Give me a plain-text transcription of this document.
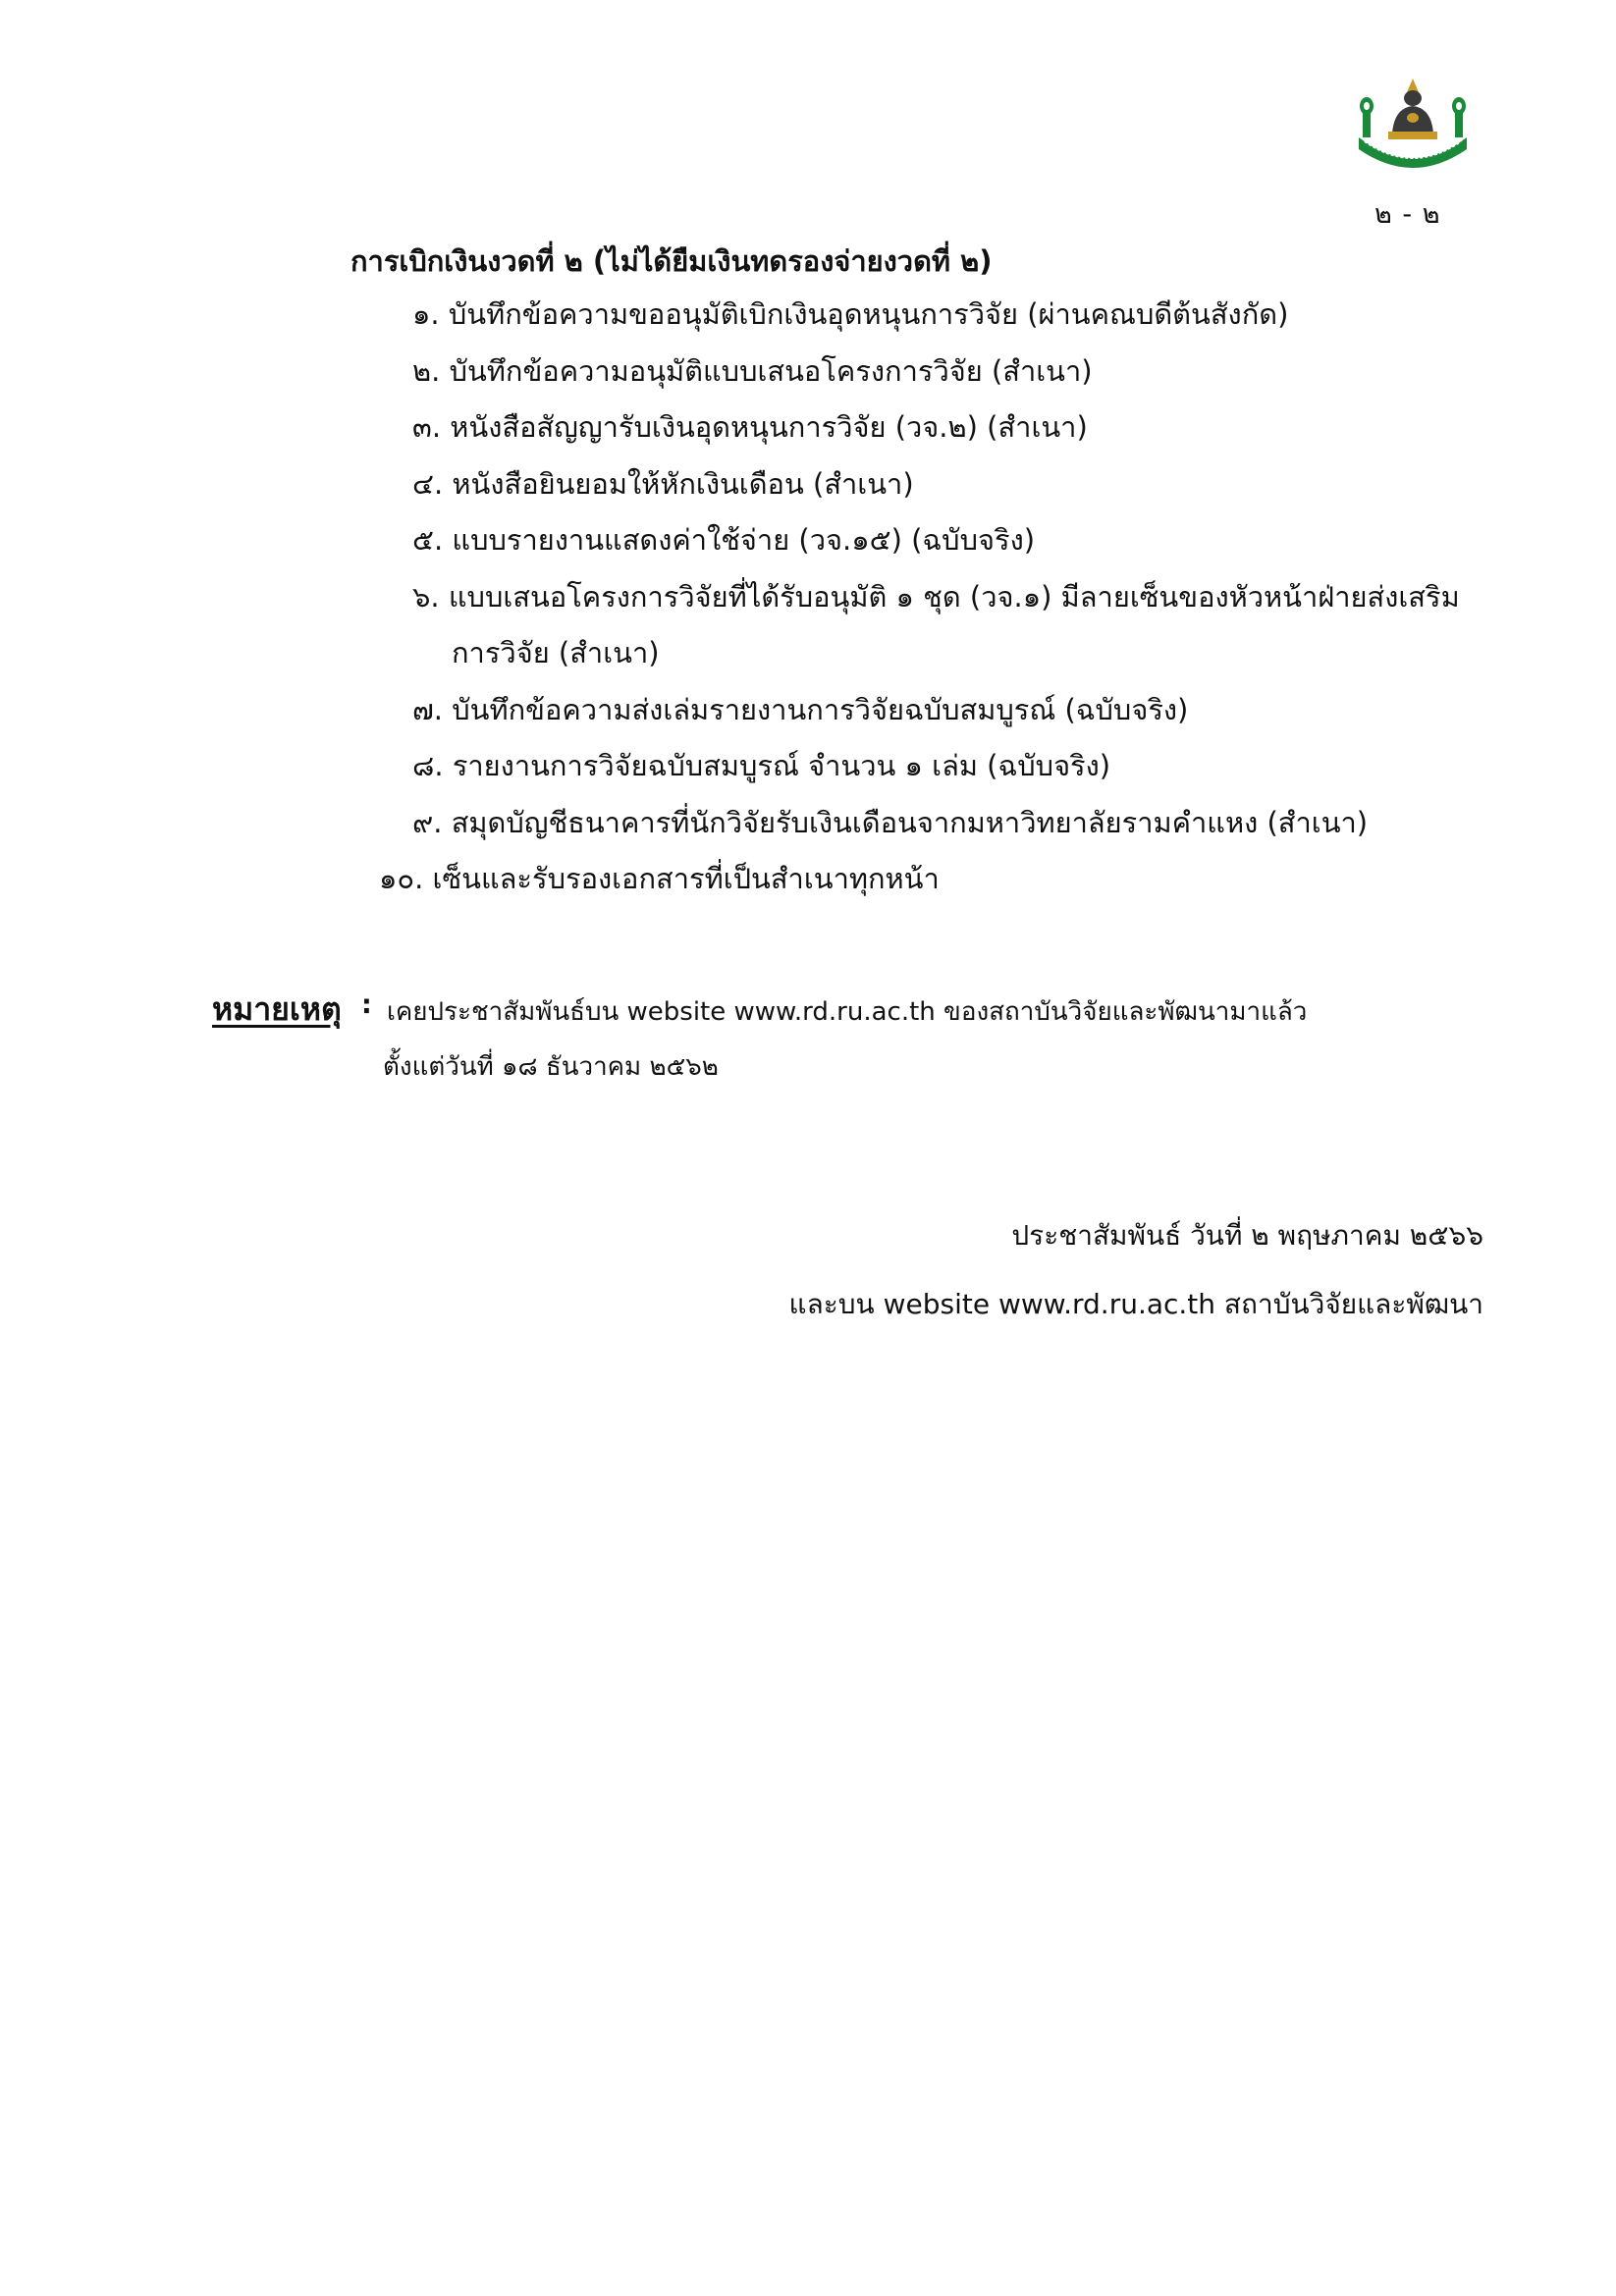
๒ - ๒
การเบิกเงินงวดที่ ๒ (ไม่ได้ยืมเงินทดรองจ่ายงวดที่ ๒)
๑. บันทึกข้อความขออนุมัติเบิกเงินอุดหนุนการวิจัย (ผ่านคณบดีต้นสังกัด)
๒. บันทึกข้อความอนุมัติแบบเสนอโครงการวิจัย (สำเนา)
๓. หนังสือสัญญารับเงินอุดหนุนการวิจัย (วจ.๒) (สำเนา)
๔. หนังสือยินยอมให้หักเงินเดือน (สำเนา)
๕. แบบรายงานแสดงค่าใช้จ่าย (วจ.๑๕) (ฉบับจริง)
๖. แบบเสนอโครงการวิจัยที่ได้รับอนุมัติ ๑ ชุด (วจ.๑) มีลายเซ็นของหัวหน้าฝ่ายส่งเสริม
การวิจัย (สำเนา)
๗. บันทึกข้อความส่งเล่มรายงานการวิจัยฉบับสมบูรณ์ (ฉบับจริง)
๘. รายงานการวิจัยฉบับสมบูรณ์ จำนวน ๑ เล่ม (ฉบับจริง)
๙. สมุดบัญชีธนาคารที่นักวิจัยรับเงินเดือนจากมหาวิทยาลัยรามคำแหง (สำเนา)
๑๐. เซ็นและรับรองเอกสารที่เป็นสำเนาทุกหน้า
หมายเหตุ : เคยประชาสัมพันธ์บน website www.rd.ru.ac.th ของสถาบันวิจัยและพัฒนามาแล้ว
ตั้งแต่วันที่ ๑๘ ธันวาคม ๒๕๖๒
ประชาสัมพันธ์ วันที่ ๒ พฤษภาคม ๒๕๖๖
และบน website www.rd.ru.ac.th สถาบันวิจัยและพัฒนา
